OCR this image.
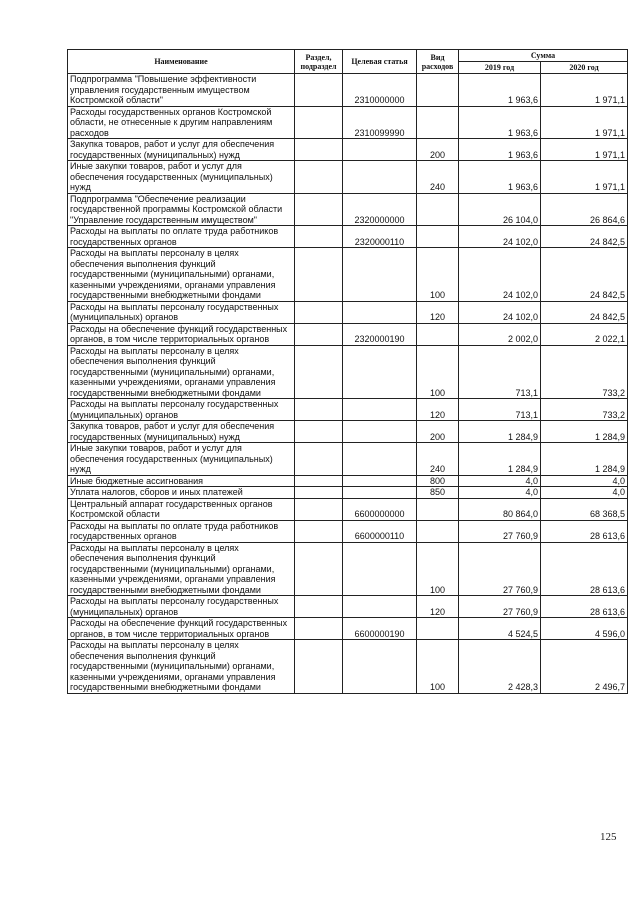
Наименование	Раздел, подраздел	Целевая статья	Вид расходов	Сумма	
				2019 год	2020 год
Подпрограмма "Повышение эффективности управления государственным имуществом Костромской области"		2310000000		1 963,6	1 971,1
Расходы государственных органов Костромской области, не отнесенные к другим направлениям расходов		2310099990		1 963,6	1 971,1
Закупка товаров, работ и услуг для обеспечения государственных (муниципальных) нужд			200	1 963,6	1 971,1
Иные закупки товаров, работ и услуг для обеспечения государственных (муниципальных) нужд			240	1 963,6	1 971,1
Подпрограмма "Обеспечение реализации государственной программы Костромской области "Управление государственным имуществом"		2320000000		26 104,0	26 864,6
Расходы на выплаты по оплате труда работников государственных органов		2320000110		24 102,0	24 842,5
Расходы на выплаты персоналу в целях обеспечения выполнения функций государственными (муниципальными) органами, казенными учреждениями, органами управления государственными внебюджетными фондами			100	24 102,0	24 842,5
Расходы на выплаты персоналу государственных (муниципальных) органов			120	24 102,0	24 842,5
Расходы на обеспечение функций государственных органов, в том числе территориальных органов		2320000190		2 002,0	2 022,1
Расходы на выплаты персоналу в целях обеспечения выполнения функций государственными (муниципальными) органами, казенными учреждениями, органами управления государственными внебюджетными фондами			100	713,1	733,2
Расходы на выплаты персоналу государственных (муниципальных) органов			120	713,1	733,2
Закупка товаров, работ и услуг для обеспечения государственных (муниципальных) нужд			200	1 284,9	1 284,9
Иные закупки товаров, работ и услуг для обеспечения государственных (муниципальных) нужд			240	1 284,9	1 284,9
Иные бюджетные ассигнования			800	4,0	4,0
Уплата налогов, сборов и иных платежей			850	4,0	4,0
Центральный аппарат государственных органов Костромской области		6600000000		80 864,0	68 368,5
Расходы на выплаты по оплате труда работников государственных органов		6600000110		27 760,9	28 613,6
Расходы на выплаты персоналу в целях обеспечения выполнения функций государственными (муниципальными) органами, казенными учреждениями, органами управления государственными внебюджетными фондами			100	27 760,9	28 613,6
Расходы на выплаты персоналу государственных (муниципальных) органов			120	27 760,9	28 613,6
Расходы на обеспечение функций государственных органов, в том числе территориальных органов		6600000190		4 524,5	4 596,0
Расходы на выплаты персоналу в целях обеспечения выполнения функций государственными (муниципальными) органами, казенными учреждениями, органами управления государственными внебюджетными фондами			100	2 428,3	2 496,7
125
